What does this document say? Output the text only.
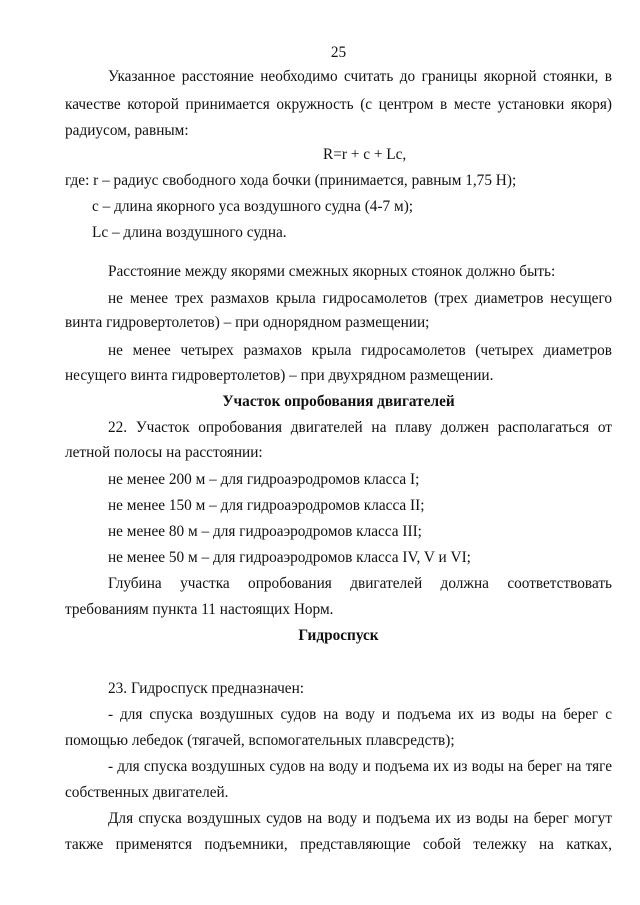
25
Указанное расстояние необходимо считать до границы якорной стоянки, в
качестве которой принимается окружность (с центром в месте установки якоря)
радиусом, равным:
R=r + c + Lc,
где: r – радиус свободного хода бочки (принимается, равным 1,75 Н);
с – длина якорного уса воздушного судна (4-7 м);
Lc – длина воздушного судна.
Расстояние между якорями смежных якорных стоянок должно быть:
не менее трех размахов крыла гидросамолетов (трех диаметров несущего
винта гидровертолетов) – при однорядном размещении;
не менее четырех размахов крыла гидросамолетов (четырех диаметров
несущего винта гидровертолетов) – при двухрядном размещении.
Участок опробования двигателей
22. Участок опробования двигателей на плаву должен располагаться от
летной полосы на расстоянии:
не менее 200 м – для гидроаэродромов класса I;
не менее 150 м – для гидроаэродромов класса II;
не менее 80 м – для гидроаэродромов класса III;
не менее 50 м – для гидроаэродромов класса IV, V и VI;
Глубина участка опробования двигателей должна соответствовать
требованиям пункта 11 настоящих Норм.
Гидроспуск
23. Гидроспуск предназначен:
- для спуска воздушных судов на воду и подъема их из воды на берег с
помощью лебедок (тягачей, вспомогательных плавсредств);
- для спуска воздушных судов на воду и подъема их из воды на берег на тяге
собственных двигателей.
Для спуска воздушных судов на воду и подъема их из воды на берег могут
также применятся подъемники, представляющие собой тележку на катках,
